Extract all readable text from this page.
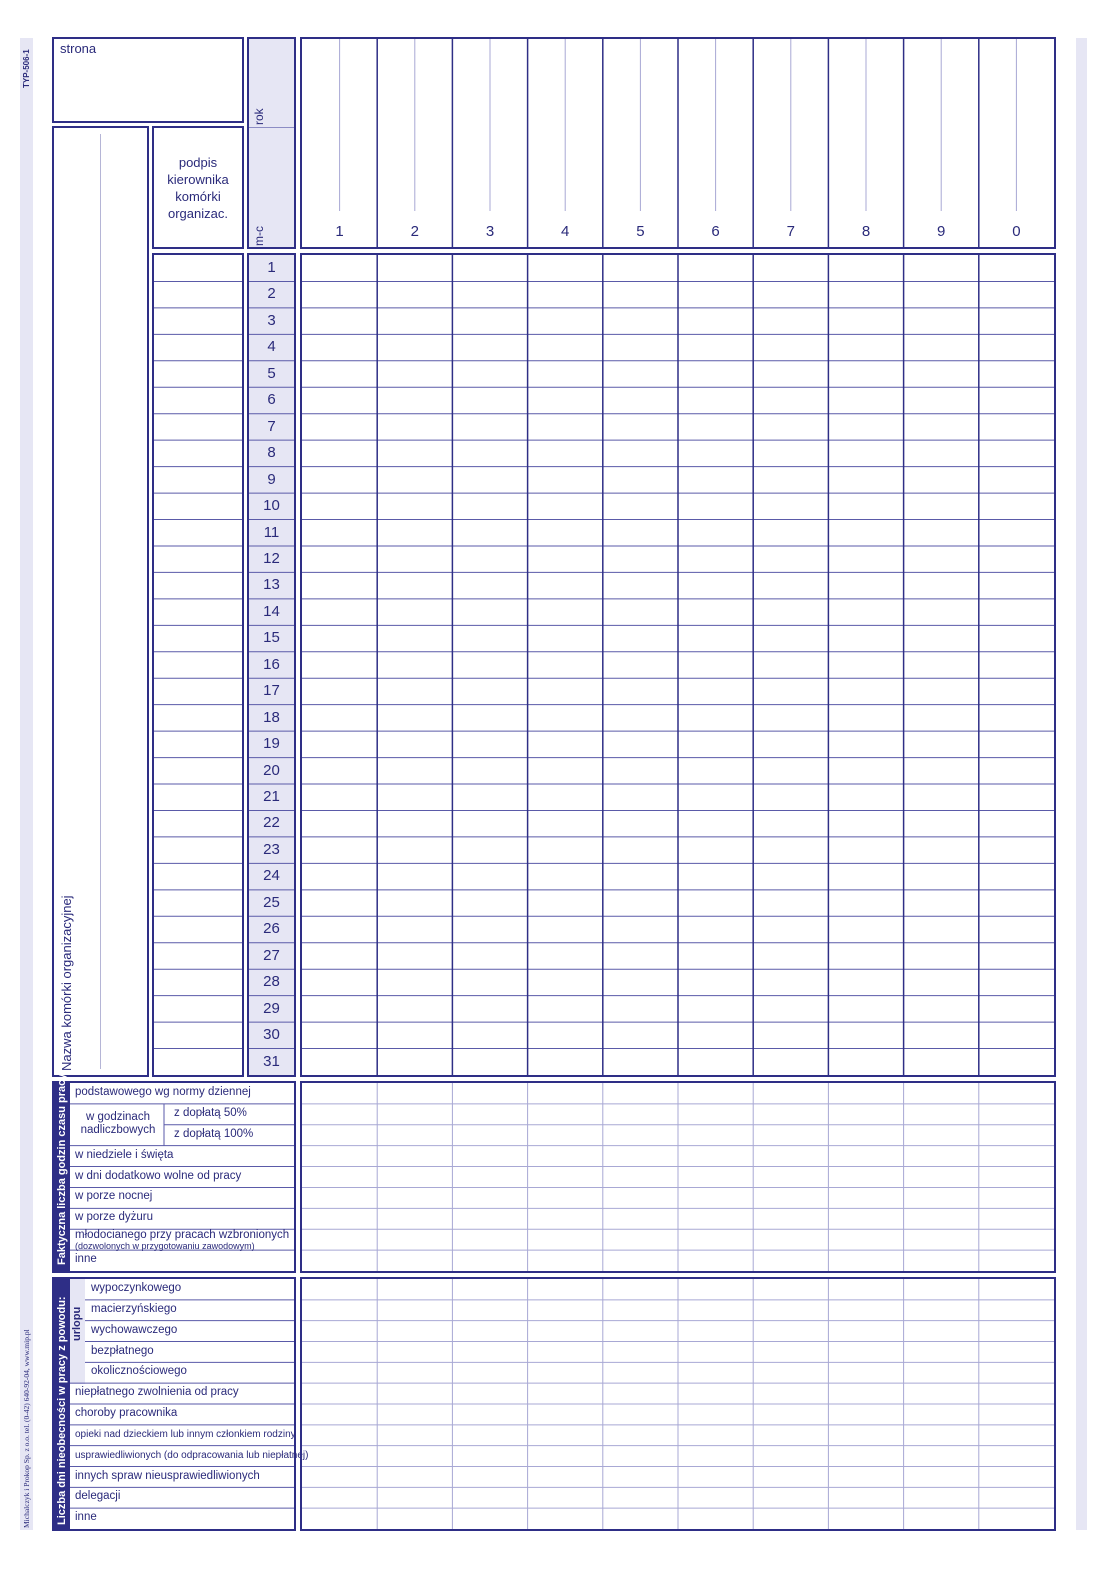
TYP-506-1
Michalczyk i Prokop Sp. z o.o. tel. (0-42) 640-92-04, www.mip.pl
strona
Nazwa komórki organizacyjnej
podpis
kierownika
komórki
organizac.
rok
m-c	1	2	3	4	5	6	7	8	9	0
1
2
3
4
5
6
7
8
9
10
11
12
13
14
15
16
17
18
19
20
21
22
23
24
25
26
27
28
29
30
31
Faktyczna liczba godzin czasu pracy podstawowego wg normy dziennej
z dopłatą 50%
z dopłatą 100%
w niedziele i święta
w dni dodatkowo wolne od pracy
w porze nocnej
w porze dyżuru
młodocianego przy pracach wzbronionych
inne
w godzinach
nadliczbowych
(dozwolonych w przygotowaniu zawodowym)
Liczba dni nieobecności w pracy z powodu: urlopu
wypoczynkowego
macierzyńskiego
wychowawczego
bezpłatnego
okolicznościowego
niepłatnego zwolnienia od pracy
choroby pracownika
opieki nad dzieckiem lub innym członkiem rodziny
usprawiedliwionych (do odpracowania lub niepłatnej)
innych spraw nieusprawiedliwionych
delegacji
inne
